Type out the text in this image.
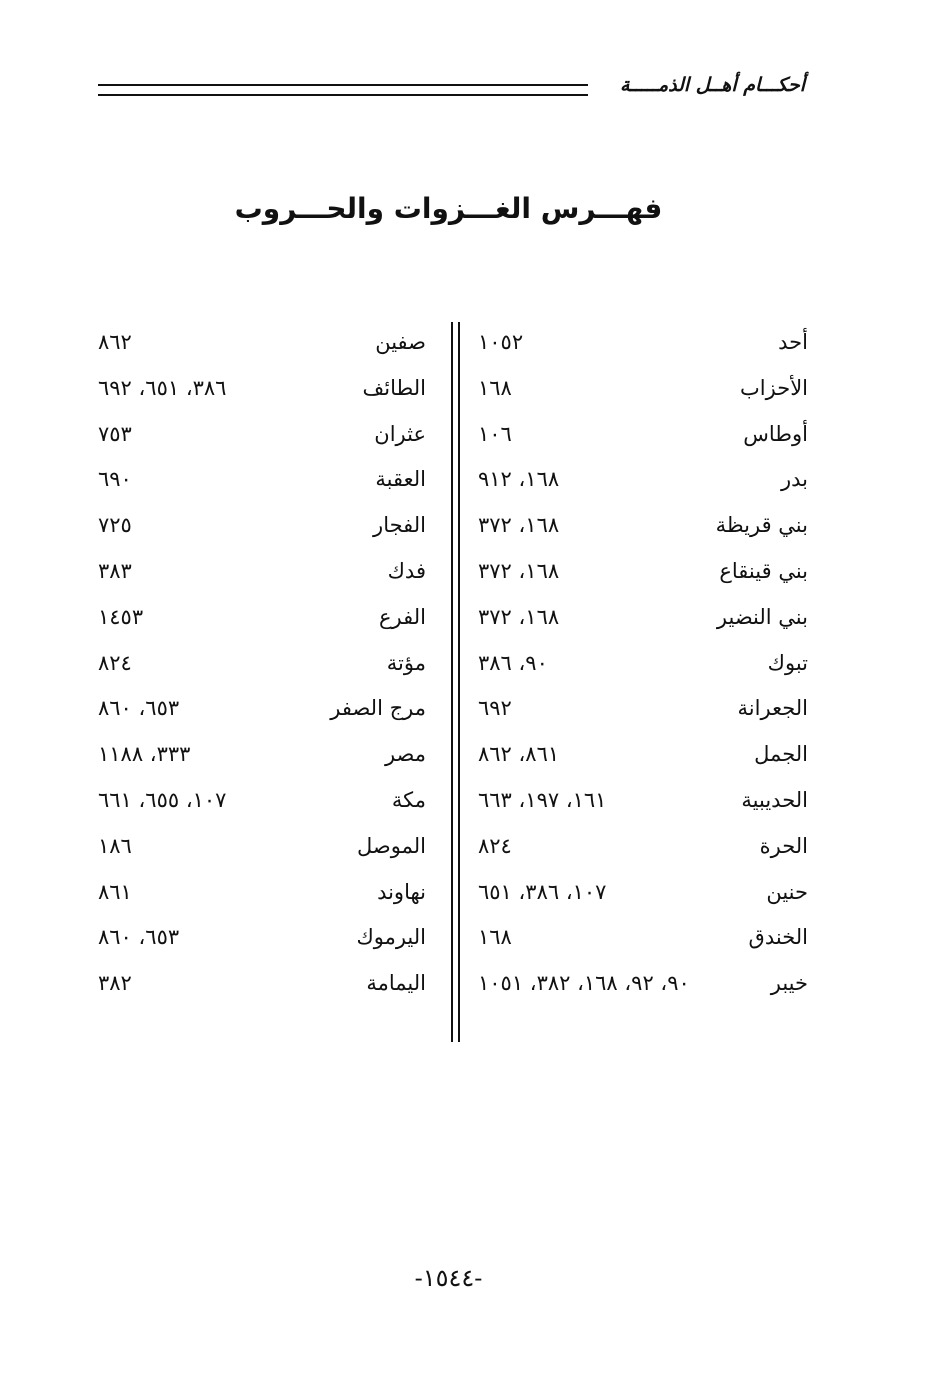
أحكـــام أهــل الذمـــــة
فهـــرس الغـــزوات والحـــروب
أحد
١٠٥٢
الأحزاب
١٦٨
أوطاس
١٠٦
بدر
١٦٨، ٩١٢
بني قريظة
١٦٨، ٣٧٢
بني قينقاع
١٦٨، ٣٧٢
بني النضير
١٦٨، ٣٧٢
تبوك
٩٠، ٣٨٦
الجعرانة
٦٩٢
الجمل
٨٦١، ٨٦٢
الحديبية
١٦١، ١٩٧، ٦٦٣
الحرة
٨٢٤
حنين
١٠٧، ٣٨٦، ٦٥١
الخندق
١٦٨
خيبر
٩٠، ٩٢، ١٦٨، ٣٨٢، ١٠٥١
صفين
٨٦٢
الطائف
٣٨٦، ٦٥١، ٦٩٢
عثران
٧٥٣
العقبة
٦٩٠
الفجار
٧٢٥
فدك
٣٨٣
الفرع
١٤٥٣
مؤتة
٨٢٤
مرج الصفر
٦٥٣، ٨٦٠
مصر
٣٣٣، ١١٨٨
مكة
١٠٧، ٦٥٥، ٦٦١
الموصل
١٨٦
نهاوند
٨٦١
اليرموك
٦٥٣، ٨٦٠
اليمامة
٣٨٢
-١٥٤٤-
